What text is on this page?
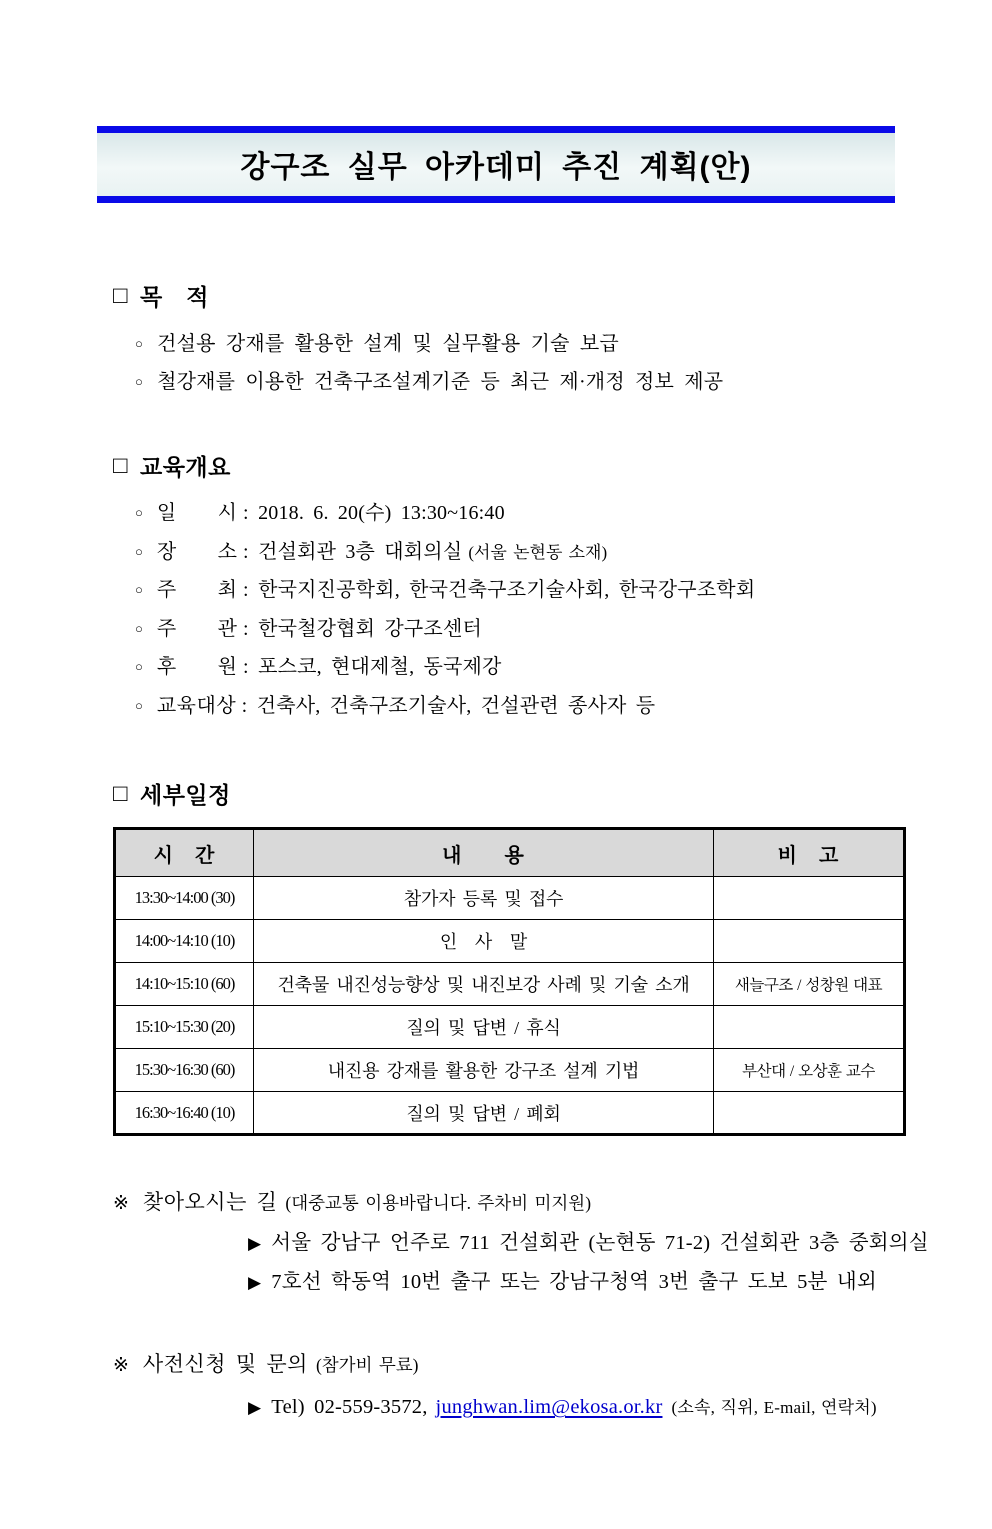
강구조 실무 아카데미 추진 계획(안)
□ 목　적
○ 건설용 강재를 활용한 설계 및 실무활용 기술 보급
○ 철강재를 이용한 건축구조설계기준 등 최근 제·개정 정보 제공
□ 교육개요
○ 일　　시 : 2018. 6. 20(수) 13:30~16:40
○ 장　　소 : 건설회관 3층 대회의실 (서울 논현동 소재)
○ 주　　최 : 한국지진공학회, 한국건축구조기술사회, 한국강구조학회
○ 주　　관 : 한국철강협회 강구조센터
○ 후　　원 : 포스코, 현대제철, 동국제강
○ 교육대상 : 건축사, 건축구조기술사, 건설관련 종사자 등
□ 세부일정
시　간	내　　용	비　고
13:30~14:00 (30)	참가자 등록 및 접수	
14:00~14:10 (10)	인　사　말	
14:10~15:10 (60)	건축물 내진성능향상 및 내진보강 사례 및 기술 소개	새늘구조 / 성창원 대표
15:10~15:30 (20)	질의 및 답변 / 휴식	
15:30~16:30 (60)	내진용 강재를 활용한 강구조 설계 기법	부산대 / 오상훈 교수
16:30~16:40 (10)	질의 및 답변 / 폐회	
※ 찾아오시는 길 (대중교통 이용바랍니다. 주차비 미지원)
▶ 서울 강남구 언주로 711 건설회관 (논현동 71-2) 건설회관 3층 중회의실
▶ 7호선 학동역 10번 출구 또는 강남구청역 3번 출구 도보 5분 내외
※ 사전신청 및 문의 (참가비 무료)
▶ Tel) 02-559-3572, junghwan.lim@ekosa.or.kr (소속, 직위, E-mail, 연락처)
